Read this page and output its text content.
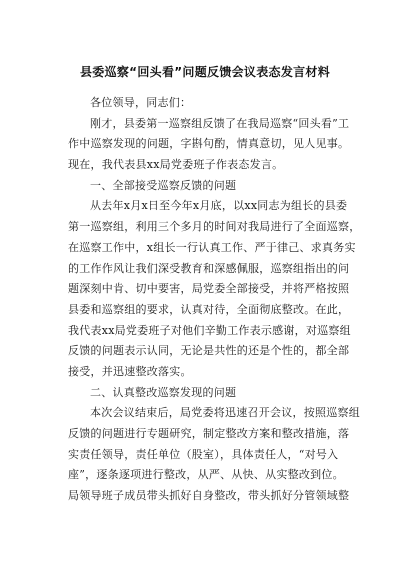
县委巡察“回头看”问题反馈会议表态发言材料

各位领导，同志们：

刚才，县委第一巡察组反馈了在我局巡察“回头看”工

作中巡察发现的问题，字斟句酌，情真意切，见人见事。

现在，我代表县xx局党委班子作表态发言。

一、全部接受巡察反馈的问题

从去年x月x日至今年x月底，以xx同志为组长的县委

第一巡察组，利用三个多月的时间对我局进行了全面巡察，

在巡察工作中，x组长一行认真工作、严于律己、求真务实

的工作作风让我们深受教育和深感佩服，巡察组指出的问

题深刻中肯、切中要害，局党委全部接受，并将严格按照

县委和巡察组的要求，认真对待，全面彻底整改。在此，

我代表xx局党委班子对他们辛勤工作表示感谢，对巡察组

反馈的问题表示认同，无论是共性的还是个性的，都全部

接受，并迅速整改落实。

二、认真整改巡察发现的问题

本次会议结束后，局党委将迅速召开会议，按照巡察组

反馈的问题进行专题研究，制定整改方案和整改措施，落

实责任领导，责任单位（股室），具体责任人，“对号入

座”，逐条逐项进行整改，从严、从快、从实整改到位。

局领导班子成员带头抓好自身整改，带头抓好分管领域整
